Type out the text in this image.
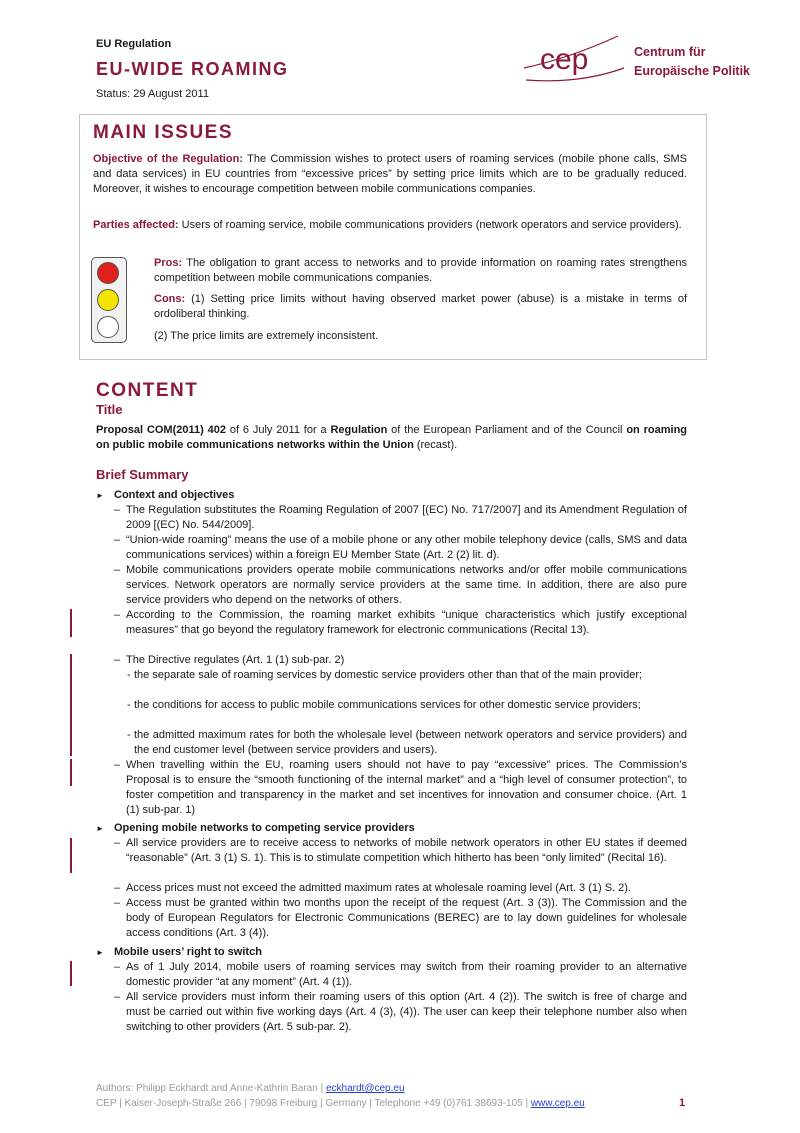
EU Regulation
EU-WIDE ROAMING
Status: 29 August 2011
cep	Centrum für
Europäische Politik
MAIN ISSUES
Objective of the Regulation: The Commission wishes to protect users of roaming services (mobile phone calls, SMS and data services) in EU countries from “excessive prices” by setting price limits which are to be gradually reduced. Moreover, it wishes to encourage competition between mobile communications companies.
Parties affected: Users of roaming service, mobile communications providers (network operators and service providers).
Pros: The obligation to grant access to networks and to provide information on roaming rates strengthens competition between mobile communications companies.
Cons: (1) Setting price limits without having observed market power (abuse) is a mistake in terms of ordoliberal thinking.
(2) The price limits are extremely inconsistent.
CONTENT
Title
Proposal COM(2011) 402 of 6 July 2011 for a Regulation of the European Parliament and of the Council on roaming on public mobile communications networks within the Union (recast).
Brief Summary
► Context and objectives
– The Regulation substitutes the Roaming Regulation of 2007 [(EC) No. 717/2007] and its Amendment Regulation of 2009 [(EC) No. 544/2009].
– “Union-wide roaming” means the use of a mobile phone or any other mobile telephony device (calls, SMS and data communications services) within a foreign EU Member State (Art. 2 (2) lit. d).
– Mobile communications providers operate mobile communications networks and/or offer mobile communications services. Network operators are normally service providers at the same time. In addition, there are also pure service providers who depend on the networks of others.
– According to the Commission, the roaming market exhibits “unique characteristics which justify exceptional measures” that go beyond the regulatory framework for electronic communications (Recital 13).
– The Directive regulates (Art. 1 (1) sub-par. 2)
- the separate sale of roaming services by domestic service providers other than that of the main provider;
- the conditions for access to public mobile communications services for other domestic service providers;
- the admitted maximum rates for both the wholesale level (between network operators and service providers) and the end customer level (between service providers and users).
– When travelling within the EU, roaming users should not have to pay “excessive” prices. The Commission’s Proposal is to ensure the “smooth functioning of the internal market” and a “high level of consumer protection”, to foster competition and transparency in the market and set incentives for innovation and consumer choice. (Art. 1 (1) sub-par. 1)
► Opening mobile networks to competing service providers
– All service providers are to receive access to networks of mobile network operators in other EU states if deemed “reasonable” (Art. 3 (1) S. 1). This is to stimulate competition which hitherto has been “only limited” (Recital 16).
– Access prices must not exceed the admitted maximum rates at wholesale roaming level (Art. 3 (1) S. 2).
– Access must be granted within two months upon the receipt of the request (Art. 3 (3)). The Commission and the body of European Regulators for Electronic Communications (BEREC) are to lay down guidelines for wholesale access conditions (Art. 3 (4)).
► Mobile users’ right to switch
– As of 1 July 2014, mobile users of roaming services may switch from their roaming provider to an alternative domestic provider “at any moment” (Art. 4 (1)).
– All service providers must inform their roaming users of this option (Art. 4 (2)). The switch is free of charge and must be carried out within five working days (Art. 4 (3), (4)). The user can keep their telephone number also when switching to other providers (Art. 5 sub-par. 2).
Authors: Philipp Eckhardt and Anne-Kathrin Baran | eckhardt@cep.eu
CEP | Kaiser-Joseph-Straße 266 | 79098 Freiburg | Germany | Telephone +49 (0)761 38693-105 | www.cep.eu	1
